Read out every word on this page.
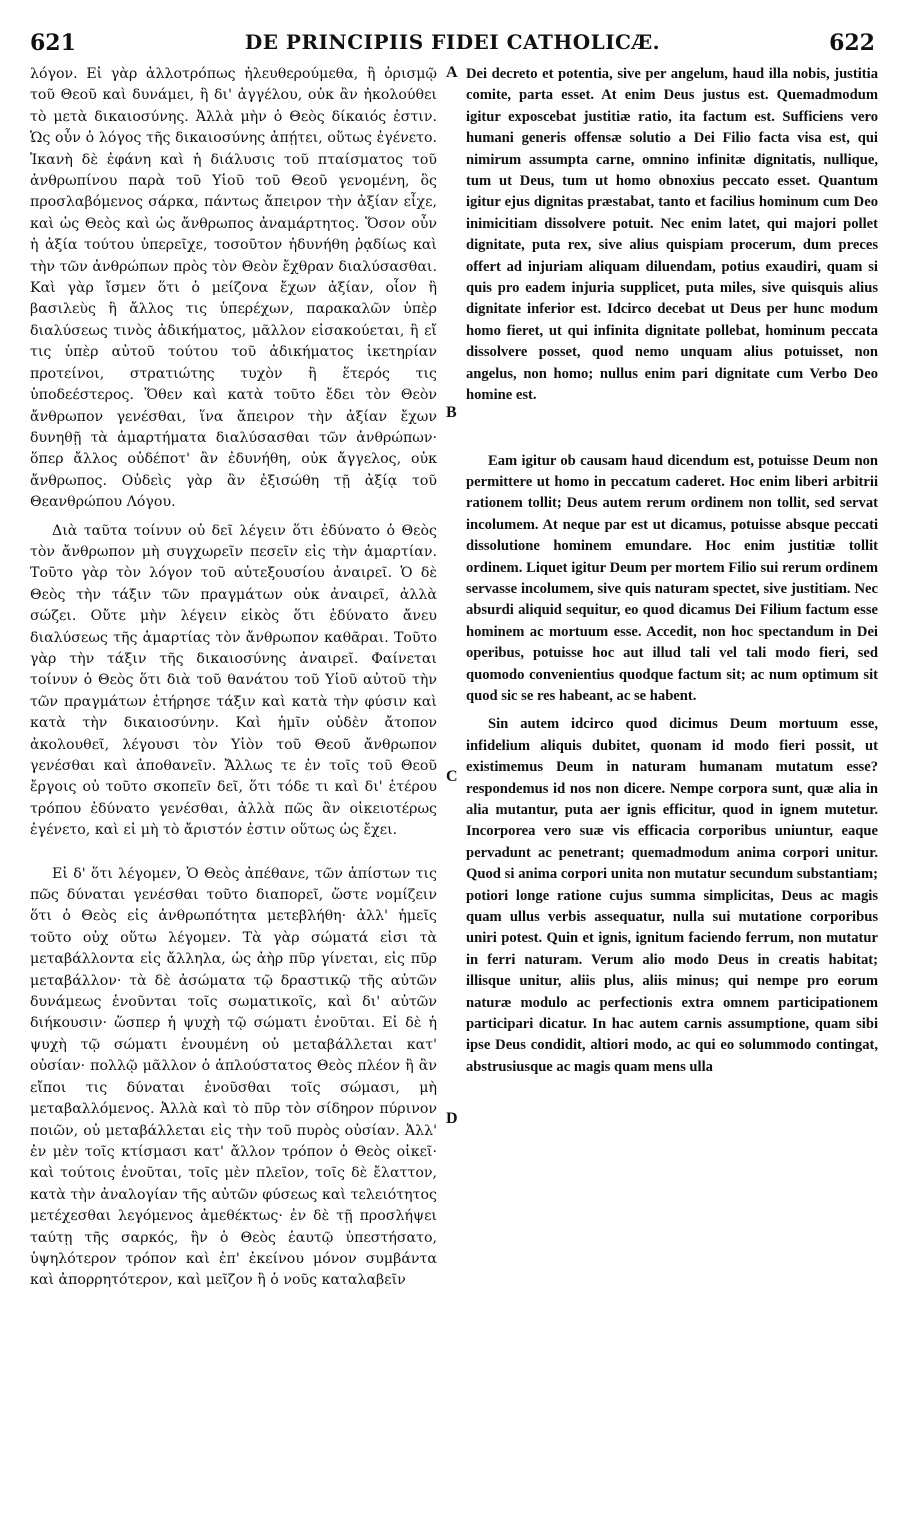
621	DE PRINCIPIIS FIDEI CATHOLICÆ.	622

λόγον. Εἰ γὰρ ἀλλοτρόπως ἠλευθερούμεθα, ἢ ὁρισμῷ τοῦ Θεοῦ καὶ δυνάμει, ἢ δι' ἀγγέλου, οὐκ ἂν ἠκολούθει τὸ μετὰ δικαιοσύνης. Ἀλλὰ μὴν ὁ Θεὸς δίκαιός ἐστιν. Ὡς οὖν ὁ λόγος τῆς δικαιοσύνης ἀπῄτει, οὕτως ἐγένετο. Ἱκανὴ δὲ ἐφάνη καὶ ἡ διάλυσις τοῦ πταίσματος τοῦ ἀνθρωπίνου παρὰ τοῦ Υἱοῦ τοῦ Θεοῦ γενομένη, ὃς προσλαβόμενος σάρκα, πάντως ἄπειρον τὴν ἀξίαν εἶχε, καὶ ὡς Θεὸς καὶ ὡς ἄνθρωπος ἀναμάρτητος. Ὅσον οὖν ἡ ἀξία τούτου ὑπερεῖχε, τοσοῦτον ἠδυνήθη ῥᾳδίως καὶ τὴν τῶν ἀνθρώπων πρὸς τὸν Θεὸν ἔχθραν διαλύσασθαι. Καὶ γὰρ ἴσμεν ὅτι ὁ μείζονα ἔχων ἀξίαν, οἷον ἢ βασιλεὺς ἢ ἄλλος τις ὑπερέχων, παρακαλῶν ὑπὲρ διαλύσεως τινὸς ἀδικήματος, μᾶλλον εἰσακούεται, ἢ εἴ τις ὑπὲρ αὐτοῦ τούτου τοῦ ἀδικήματος ἱκετηρίαν προτείνοι, στρατιώτης τυχὸν ἢ ἕτερός τις ὑποδεέστερος. Ὅθεν καὶ κατὰ τοῦτο ἔδει τὸν Θεὸν ἄνθρωπον γενέσθαι, ἵνα ἄπειρον τὴν ἀξίαν ἔχων δυνηθῇ τὰ ἁμαρτήματα διαλύσασθαι τῶν ἀνθρώπων· ὅπερ ἄλλος οὐδέποτ' ἂν ἐδυνήθη, οὐκ ἄγγελος, οὐκ ἄνθρωπος. Οὐδεὶς γὰρ ἂν ἐξισώθη τῇ ἀξίᾳ τοῦ Θεανθρώπου Λόγου.

Διὰ ταῦτα τοίνυν οὐ δεῖ λέγειν ὅτι ἐδύνατο ὁ Θεὸς τὸν ἄνθρωπον μὴ συγχωρεῖν πεσεῖν εἰς τὴν ἁμαρτίαν. Τοῦτο γὰρ τὸν λόγον τοῦ αὐτεξουσίου ἀναιρεῖ. Ὁ δὲ Θεὸς τὴν τάξιν τῶν πραγμάτων οὐκ ἀναιρεῖ, ἀλλὰ σώζει. Οὔτε μὴν λέγειν εἰκὸς ὅτι ἐδύνατο ἄνευ διαλύσεως τῆς ἁμαρτίας τὸν ἄνθρωπον καθᾶραι. Τοῦτο γὰρ τὴν τάξιν τῆς δικαιοσύνης ἀναιρεῖ. Φαίνεται τοίνυν ὁ Θεὸς ὅτι διὰ τοῦ θανάτου τοῦ Υἱοῦ αὐτοῦ τὴν τῶν πραγμάτων ἐτήρησε τάξιν καὶ κατὰ τὴν φύσιν καὶ κατὰ τὴν δικαιοσύνην. Καὶ ἡμῖν οὐδὲν ἄτοπον ἀκολουθεῖ, λέγουσι τὸν Υἱὸν τοῦ Θεοῦ ἄνθρωπον γενέσθαι καὶ ἀποθανεῖν. Ἄλλως τε ἐν τοῖς τοῦ Θεοῦ ἔργοις οὐ τοῦτο σκοπεῖν δεῖ, ὅτι τόδε τι καὶ δι' ἑτέρου τρόπου ἐδύνατο γενέσθαι, ἀλλὰ πῶς ἂν οἰκειοτέρως ἐγένετο, καὶ εἰ μὴ τὸ ἄριστόν ἐστιν οὕτως ὡς ἔχει.

Εἰ δ' ὅτι λέγομεν, Ὁ Θεὸς ἀπέθανε, τῶν ἀπίστων τις πῶς δύναται γενέσθαι τοῦτο διαπορεῖ, ὥστε νομίζειν ὅτι ὁ Θεὸς εἰς ἀνθρωπότητα μετεβλήθη· ἀλλ' ἡμεῖς τοῦτο οὐχ οὕτω λέγομεν. Τὰ γὰρ σώματά εἰσι τὰ μεταβάλλοντα εἰς ἄλληλα, ὡς ἀὴρ πῦρ γίνεται, εἰς πῦρ μεταβάλλον· τὰ δὲ ἀσώματα τῷ δραστικῷ τῆς αὐτῶν δυνάμεως ἑνοῦνται τοῖς σωματικοῖς, καὶ δι' αὐτῶν διήκουσιν· ὥσπερ ἡ ψυχὴ τῷ σώματι ἑνοῦται. Εἰ δὲ ἡ ψυχὴ τῷ σώματι ἑνουμένη οὐ μεταβάλλεται κατ' οὐσίαν· πολλῷ μᾶλλον ὁ ἁπλούστατος Θεὸς πλέον ἢ ἂν εἴποι τις δύναται ἑνοῦσθαι τοῖς σώμασι, μὴ μεταβαλλόμενος. Ἀλλὰ καὶ τὸ πῦρ τὸν σίδηρον πύρινον ποιῶν, οὐ μεταβάλλεται εἰς τὴν τοῦ πυρὸς οὐσίαν. Ἀλλ' ἐν μὲν τοῖς κτίσμασι κατ' ἄλλον τρόπον ὁ Θεὸς οἰκεῖ· καὶ τούτοις ἑνοῦται, τοῖς μὲν πλεῖον, τοῖς δὲ ἔλαττον, κατὰ τὴν ἀναλογίαν τῆς αὐτῶν φύσεως καὶ τελειότητος μετέχεσθαι λεγόμενος ἀμεθέκτως· ἐν δὲ τῇ προσλήψει ταύτῃ τῆς σαρκός, ἣν ὁ Θεὸς ἑαυτῷ ὑπεστήσατο, ὑψηλότερον τρόπον καὶ ἐπ' ἐκείνου μόνον συμβάντα καὶ ἀπορρητότερον, καὶ μεῖζον ἢ ὁ νοῦς καταλαβεῖν

Dei decreto et potentia, sive per angelum, haud illa nobis, justitia comite, parta esset. At enim Deus justus est. Quemadmodum igitur exposcebat justitiæ ratio, ita factum est. Sufficiens vero humani generis offensæ solutio a Dei Filio facta visa est, qui nimirum assumpta carne, omnino infinitæ dignitatis, nullique, tum ut Deus, tum ut homo obnoxius peccato esset. Quantum igitur ejus dignitas præstabat, tanto et facilius hominum cum Deo inimicitiam dissolvere potuit. Nec enim latet, qui majori pollet dignitate, puta rex, sive alius quispiam procerum, dum preces offert ad injuriam aliquam diluendam, potius exaudiri, quam si quis pro eadem injuria supplicet, puta miles, sive quisquis alius dignitate inferior est. Idcirco decebat ut Deus per hunc modum homo fieret, ut qui infinita dignitate pollebat, hominum peccata dissolvere posset, quod nemo unquam alius potuisset, non angelus, non homo; nullus enim pari dignitate cum Verbo Deo homine est.

Eam igitur ob causam haud dicendum est, potuisse Deum non permittere ut homo in peccatum caderet. Hoc enim liberi arbitrii rationem tollit; Deus autem rerum ordinem non tollit, sed servat incolumem. At neque par est ut dicamus, potuisse absque peccati dissolutione hominem emundare. Hoc enim justitiæ tollit ordinem. Liquet igitur Deum per mortem Filio sui rerum ordinem servasse incolumem, sive quis naturam spectet, sive justitiam. Nec absurdi aliquid sequitur, eo quod dicamus Dei Filium factum esse hominem ac mortuum esse. Accedit, non hoc spectandum in Dei operibus, potuisse hoc aut illud tali vel tali modo fieri, sed quomodo convenientius quodque factum sit; ac num optimum sit quod sic se res habeant, ac se habent.

Sin autem idcirco quod dicimus Deum mortuum esse, infidelium aliquis dubitet, quonam id modo fieri possit, ut existimemus Deum in naturam humanam mutatum esse? respondemus id nos non dicere. Nempe corpora sunt, quæ alia in alia mutantur, puta aer ignis efficitur, quod in ignem mutetur. Incorporea vero suæ vis efficacia corporibus uniuntur, eaque pervadunt ac penetrant; quemadmodum anima corpori unitur. Quod si anima corpori unita non mutatur secundum substantiam; potiori longe ratione cujus summa simplicitas, Deus ac magis quam ullus verbis assequatur, nulla sui mutatione corporibus uniri potest. Quin et ignis, ignitum faciendo ferrum, non mutatur in ferri naturam. Verum alio modo Deus in creatis habitat; illisque unitur, aliis plus, aliis minus; qui nempe pro eorum naturæ modulo ac perfectionis extra omnem participationem participari dicatur. In hac autem carnis assumptione, quam sibi ipse Deus condidit, altiori modo, ac qui eo solummodo contingat, abstrusiusque ac magis quam mens ulla

A
B
C
D
